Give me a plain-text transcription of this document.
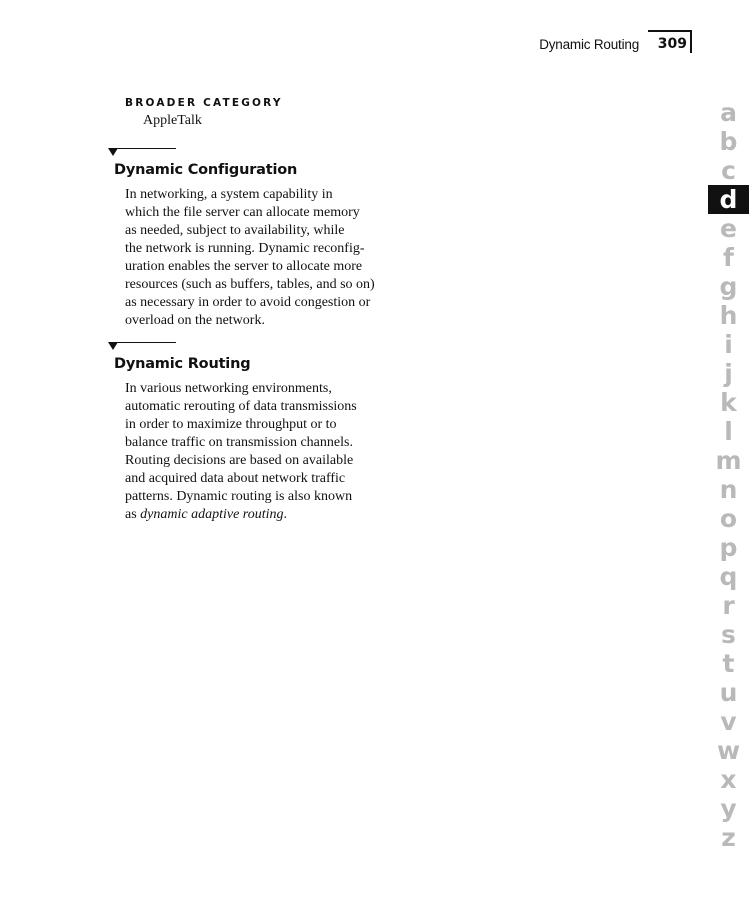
Dynamic Routing 309
BROADER CATEGORY
AppleTalk
Dynamic Configuration
In networking, a system capability in
which the file server can allocate memory
as needed, subject to availability, while
the network is running. Dynamic reconfig-
uration enables the server to allocate more
resources (such as buffers, tables, and so on)
as necessary in order to avoid congestion or
overload on the network.
Dynamic Routing
In various networking environments,
automatic rerouting of data transmissions
in order to maximize throughput or to
balance traffic on transmission channels.
Routing decisions are based on available
and acquired data about network traffic
patterns. Dynamic routing is also known
as dynamic adaptive routing.
a
b
c
d
e
f
g
h
i
j
k
l
m
n
o
p
q
r
s
t
u
v
w
x
y
z
